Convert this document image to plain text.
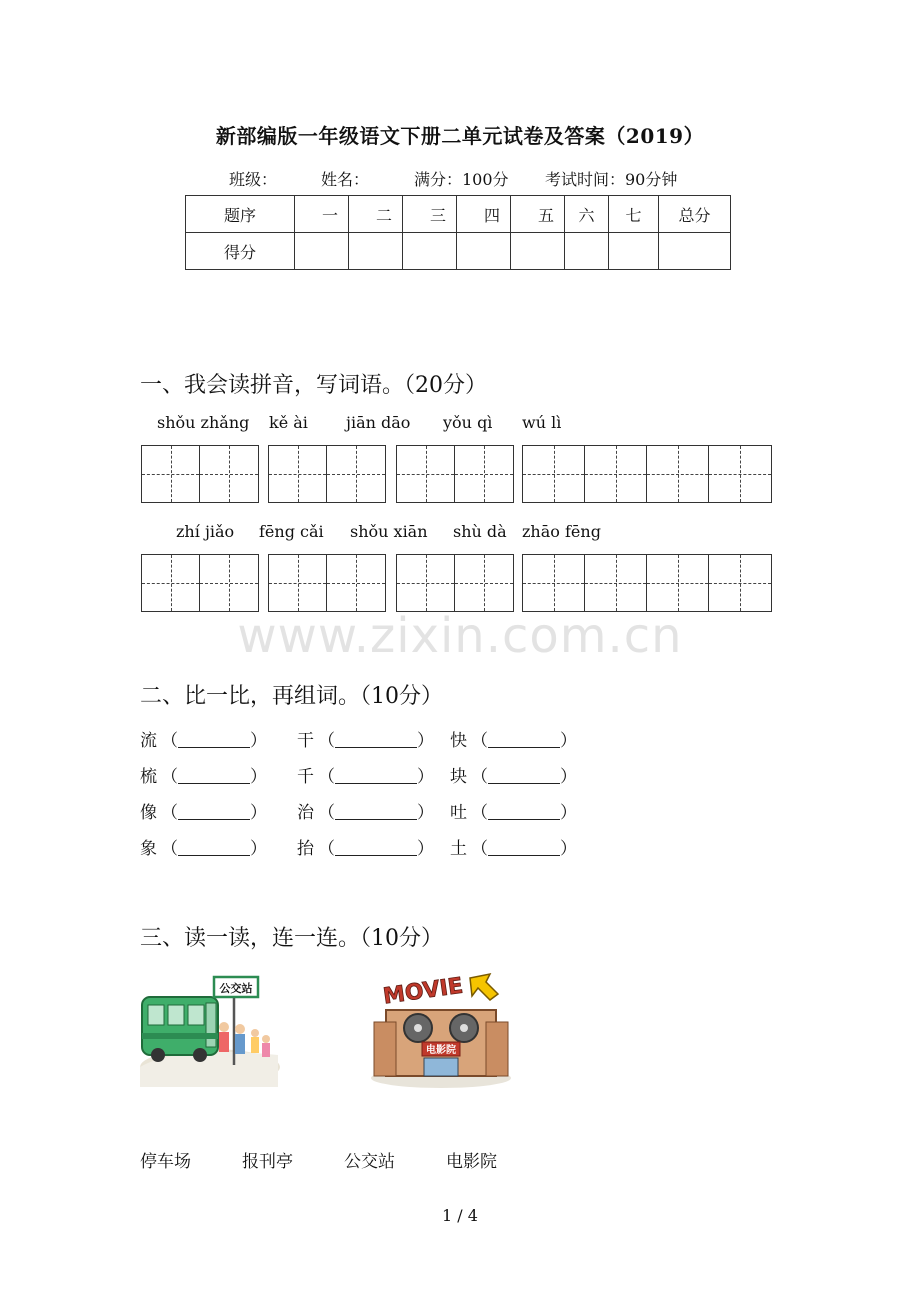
新部编版一年级语文下册二单元试卷及答案（2019）
班级：	姓名：	满分：100分 考试时间：90分钟
题序	一	二	三	四	五	六	七	总分
得分								
一、我会读拼音，写词语。（20分）
shǒu zhǎng kě ài jiān dāo yǒu qì wú lì
zhí jiǎo fēng cǎi shǒu xiān shù dà zhāo fēng
www.zixin.com.cn
二、比一比，再组词。（10分）
流 （	） 干 （	） 快 （	）
梳 （	） 千 （	） 块 （	）
像 （	） 治 （	） 吐 （	）
象 （	） 抬 （	） 土 （	）
三、读一读，连一连。（10分）
公交站
电影院
MOVIE
停车场	报刊亭	公交站	电影院
1 / 4
